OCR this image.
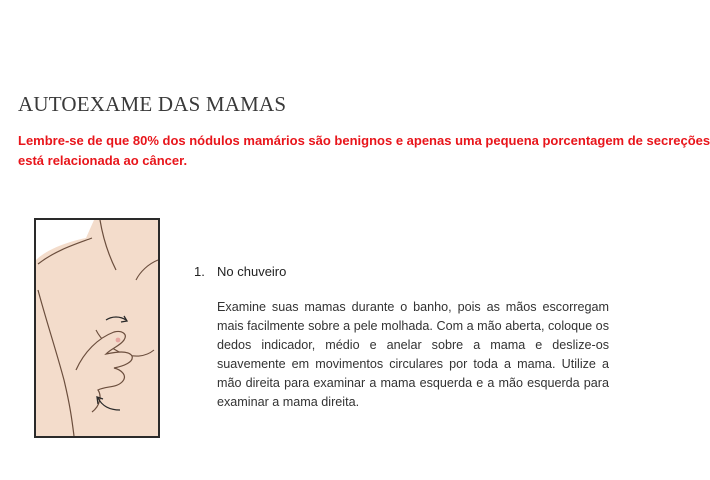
AUTOEXAME DAS MAMAS
Lembre-se de que 80% dos nódulos mamários são benignos e apenas uma pequena porcentagem de secreções
está relacionada ao câncer.
1. No chuveiro
Examine suas mamas durante o banho, pois as mãos escorregam mais facilmente sobre a pele molhada. Com a mão aberta, coloque os dedos indicador, médio e anelar sobre a mama e deslize-os suavemente em movimentos circulares por toda a mama. Utilize a mão direita para examinar a mama esquerda e a mão esquerda para examinar a mama direita.
